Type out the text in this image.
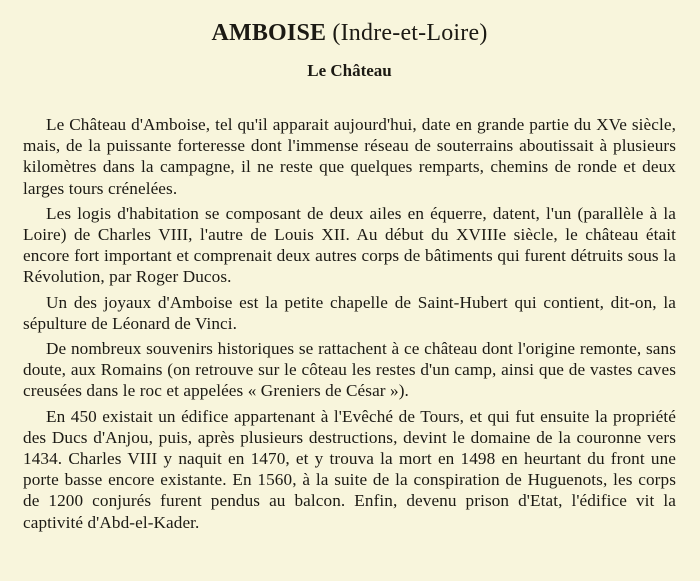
AMBOISE (Indre-et-Loire)
Le Château

Le Château d'Amboise, tel qu'il apparait aujourd'hui, date en grande partie du XVe siècle, mais, de la puissante forteresse dont l'immense réseau de souterrains aboutissait à plusieurs kilomètres dans la campagne, il ne reste que quelques remparts, chemins de ronde et deux larges tours crénelées.

Les logis d'habitation se composant de deux ailes en équerre, datent, l'un (parallèle à la Loire) de Charles VIII, l'autre de Louis XII. Au début du XVIIIe siècle, le château était encore fort important et comprenait deux autres corps de bâtiments qui furent détruits sous la Révolution, par Roger Ducos.

Un des joyaux d'Amboise est la petite chapelle de Saint-Hubert qui contient, dit-on, la sépulture de Léonard de Vinci.

De nombreux souvenirs historiques se rattachent à ce château dont l'origine remonte, sans doute, aux Romains (on retrouve sur le côteau les restes d'un camp, ainsi que de vastes caves creusées dans le roc et appelées « Greniers de César »).

En 450 existait un édifice appartenant à l'Evêché de Tours, et qui fut ensuite la propriété des Ducs d'Anjou, puis, après plusieurs destructions, devint le domaine de la couronne vers 1434. Charles VIII y naquit en 1470, et y trouva la mort en 1498 en heurtant du front une porte basse encore existante. En 1560, à la suite de la conspiration de Huguenots, les corps de 1200 conjurés furent pendus au balcon. Enfin, devenu prison d'Etat, l'édifice vit la captivité d'Abd-el-Kader.
